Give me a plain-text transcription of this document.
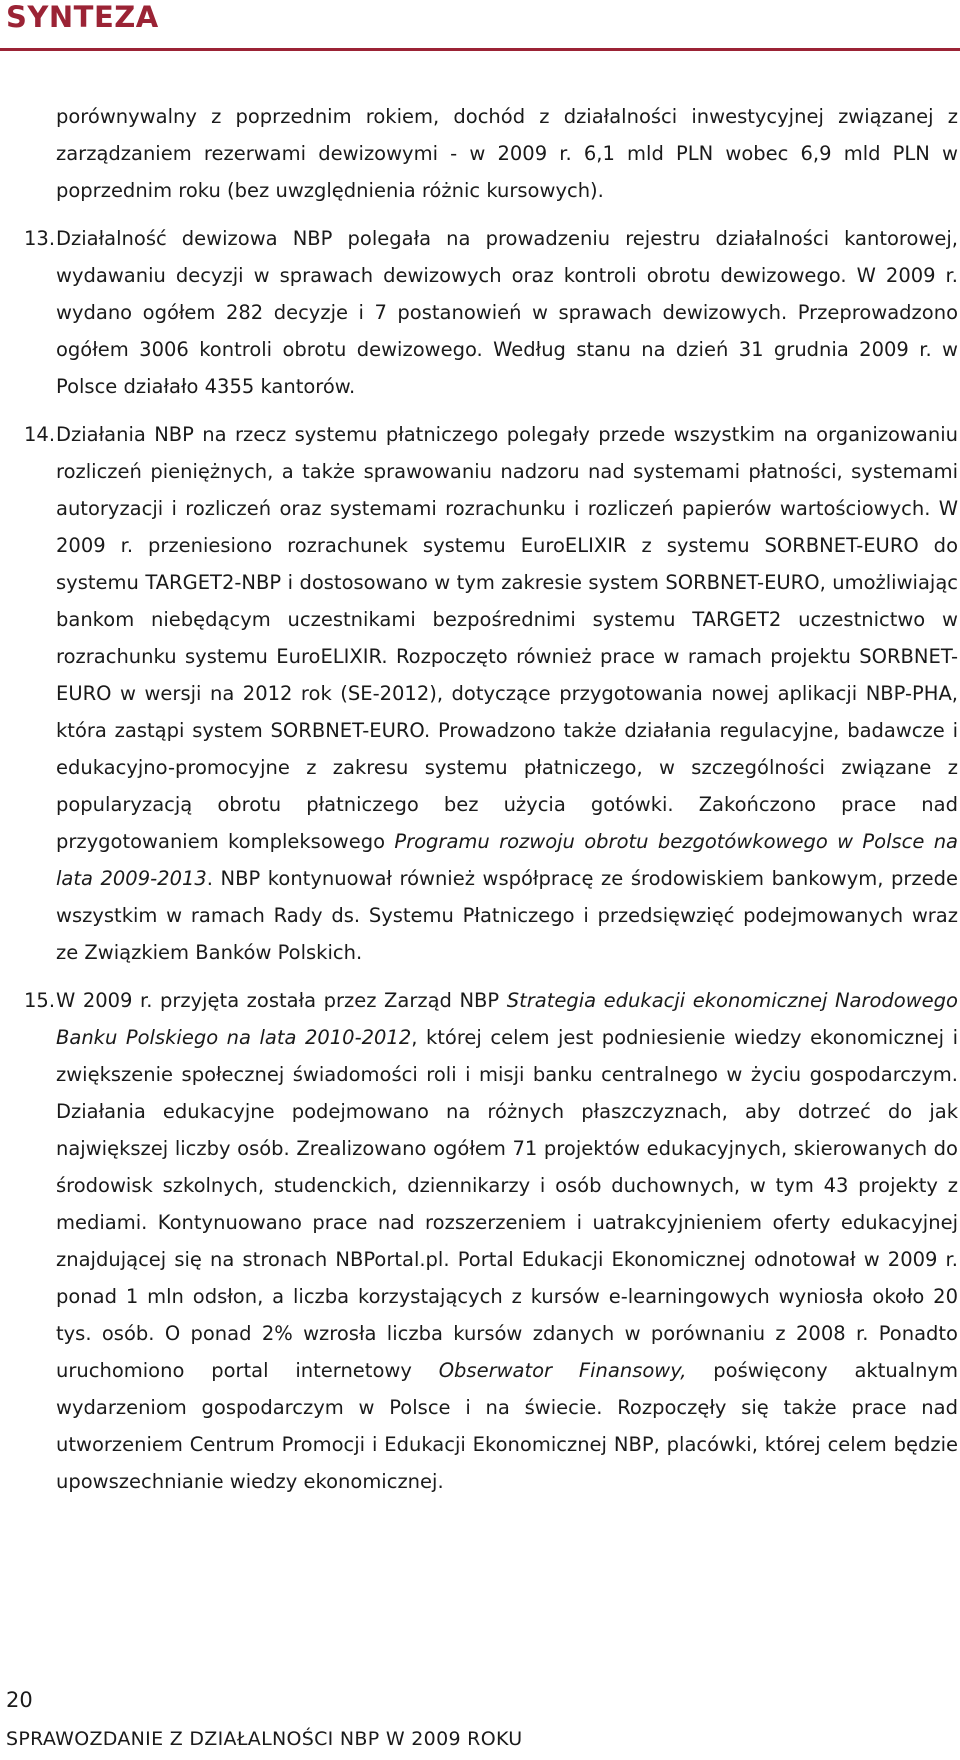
SYNTEZA

porównywalny z poprzednim rokiem, dochód z działalności inwestycyjnej związanej z zarządzaniem rezerwami dewizowymi - w 2009 r. 6,1 mld PLN wobec 6,9 mld PLN w poprzednim roku (bez uwzględnienia różnic kursowych).

13. Działalność dewizowa NBP polegała na prowadzeniu rejestru działalności kantorowej, wydawaniu decyzji w sprawach dewizowych oraz kontroli obrotu dewizowego. W 2009 r. wydano ogółem 282 decyzje i 7 postanowień w sprawach dewizowych. Przeprowadzono ogółem 3006 kontroli obrotu dewizowego. Według stanu na dzień 31 grudnia 2009 r. w Polsce działało 4355 kantorów.

14. Działania NBP na rzecz systemu płatniczego polegały przede wszystkim na organizowaniu rozliczeń pieniężnych, a także sprawowaniu nadzoru nad systemami płatności, systemami autoryzacji i rozliczeń oraz systemami rozrachunku i rozliczeń papierów wartościowych. W 2009 r. przeniesiono rozrachunek systemu EuroELIXIR z systemu SORBNET-EURO do systemu TARGET2-NBP i dostosowano w tym zakresie system SORBNET-EURO, umożliwiając bankom niebędącym uczestnikami bezpośrednimi systemu TARGET2 uczestnictwo w rozrachunku systemu EuroELIXIR. Rozpoczęto również prace w ramach projektu SORBNET-EURO w wersji na 2012 rok (SE-2012), dotyczące przygotowania nowej aplikacji NBP-PHA, która zastąpi system SORBNET-EURO. Prowadzono także działania regulacyjne, badawcze i edukacyjno-promocyjne z zakresu systemu płatniczego, w szczególności związane z popularyzacją obrotu płatniczego bez użycia gotówki. Zakończono prace nad przygotowaniem kompleksowego Programu rozwoju obrotu bezgotówkowego w Polsce na lata 2009-2013. NBP kontynuował również współpracę ze środowiskiem bankowym, przede wszystkim w ramach Rady ds. Systemu Płatniczego i przedsięwzięć podejmowanych wraz ze Związkiem Banków Polskich.

15. W 2009 r. przyjęta została przez Zarząd NBP Strategia edukacji ekonomicznej Narodowego Banku Polskiego na lata 2010-2012, której celem jest podniesienie wiedzy ekonomicznej i zwiększenie społecznej świadomości roli i misji banku centralnego w życiu gospodarczym. Działania edukacyjne podejmowano na różnych płaszczyznach, aby dotrzeć do jak największej liczby osób. Zrealizowano ogółem 71 projektów edukacyjnych, skierowanych do środowisk szkolnych, studenckich, dziennikarzy i osób duchownych, w tym 43 projekty z mediami. Kontynuowano prace nad rozszerzeniem i uatrakcyjnieniem oferty edukacyjnej znajdującej się na stronach NBPortal.pl. Portal Edukacji Ekonomicznej odnotował w 2009 r. ponad 1 mln odsłon, a liczba korzystających z kursów e-learningowych wyniosła około 20 tys. osób. O ponad 2% wzrosła liczba kursów zdanych w porównaniu z 2008 r. Ponadto uruchomiono portal internetowy Obserwator Finansowy, poświęcony aktualnym wydarzeniom gospodarczym w Polsce i na świecie. Rozpoczęły się także prace nad utworzeniem Centrum Promocji i Edukacji Ekonomicznej NBP, placówki, której celem będzie upowszechnianie wiedzy ekonomicznej.

20
SPRAWOZDANIE Z DZIAŁALNOŚCI NBP W 2009 ROKU
